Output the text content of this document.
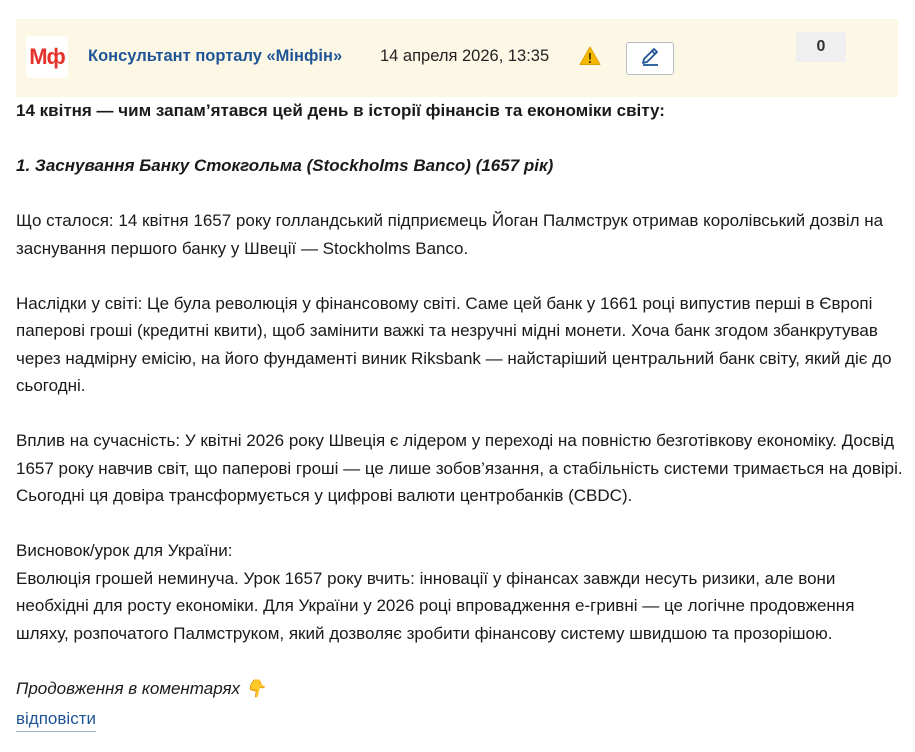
Мф Консультант порталу «Мінфін» 14 апреля 2026, 13:35
0

14 квітня — чим запам’ятався цей день в історії фінансів та економіки світу:

1. Заснування Банку Стокгольма (Stockholms Banco) (1657 рік)

Що сталося: 14 квітня 1657 року голландський підприємець Йоган Палмструк отримав королівський дозвіл на заснування першого банку у Швеції — Stockholms Banco.

Наслідки у світі: Це була революція у фінансовому світі. Саме цей банк у 1661 році випустив перші в Європі паперові гроші (кредитні квити), щоб замінити важкі та незручні мідні монети. Хоча банк згодом збанкрутував через надмірну емісію, на його фундаменті виник Riksbank — найстаріший центральний банк світу, який діє до сьогодні.

Вплив на сучасність: У квітні 2026 року Швеція є лідером у переході на повністю безготівкову економіку. Досвід 1657 року навчив світ, що паперові гроші — це лише зобов’язання, а стабільність системи тримається на довірі. Сьогодні ця довіра трансформується у цифрові валюти центробанків (CBDC).

Висновок/урок для України:

Еволюція грошей неминуча. Урок 1657 року вчить: інновації у фінансах завжди несуть ризики, але вони необхідні для росту економіки. Для України у 2026 році впровадження е-гривні — це логічне продовження шляху, розпочатого Палмструком, який дозволяє зробити фінансову систему швидшою та прозорішою.

Продовження в коментарях 👇

відповісти
